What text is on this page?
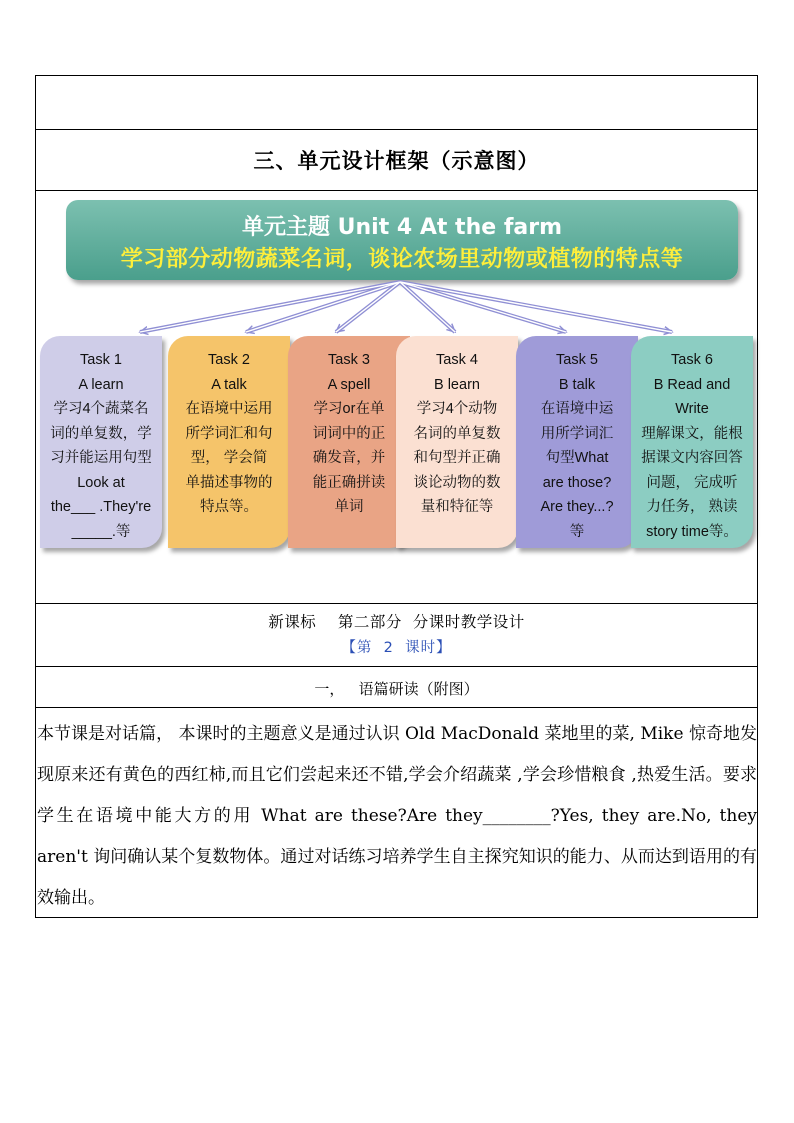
三、单元设计框架（示意图）
单元主题 Unit 4 At the farm
学习部分动物蔬菜名词，谈论农场里动物或植物的特点等
Task 1
A learn
学习4个蔬菜名
词的单复数，学
习并能运用句型
Look at
the___ .They're
_____.等
Task 2
A talk
在语境中运用
所学词汇和句
型， 学会简
单描述事物的
特点等。
Task 3
A spell
学习or在单
词词中的正
确发音，并
能正确拼读
单词
Task 4
B learn
学习4个动物
名词的单复数
和句型并正确
谈论动物的数
量和特征等
Task 5
B talk
在语境中运
用所学词汇
句型What
are those?
Are they...?
等
Task 6
B Read and
Write
理解课文，能根
据课文内容回答
问题， 完成听
力任务， 熟读
story time等。
新课标    第二部分  分课时教学设计
【第  2  课时】
一，   语篇研读（附图）
本节课是对话篇， 本课时的主题意义是通过认识 Old MacDonald 菜地里的菜, Mike 惊奇地发现原来还有黄色的西红柿,而且它们尝起来还不错,学会介绍蔬菜 ,学会珍惜粮食 ,热爱生活。要求学生在语境中能大方的用 What are these?Are they________?Yes, they are.No, they aren't 询问确认某个复数物体。通过对话练习培养学生自主探究知识的能力、从而达到语用的有效输出。
